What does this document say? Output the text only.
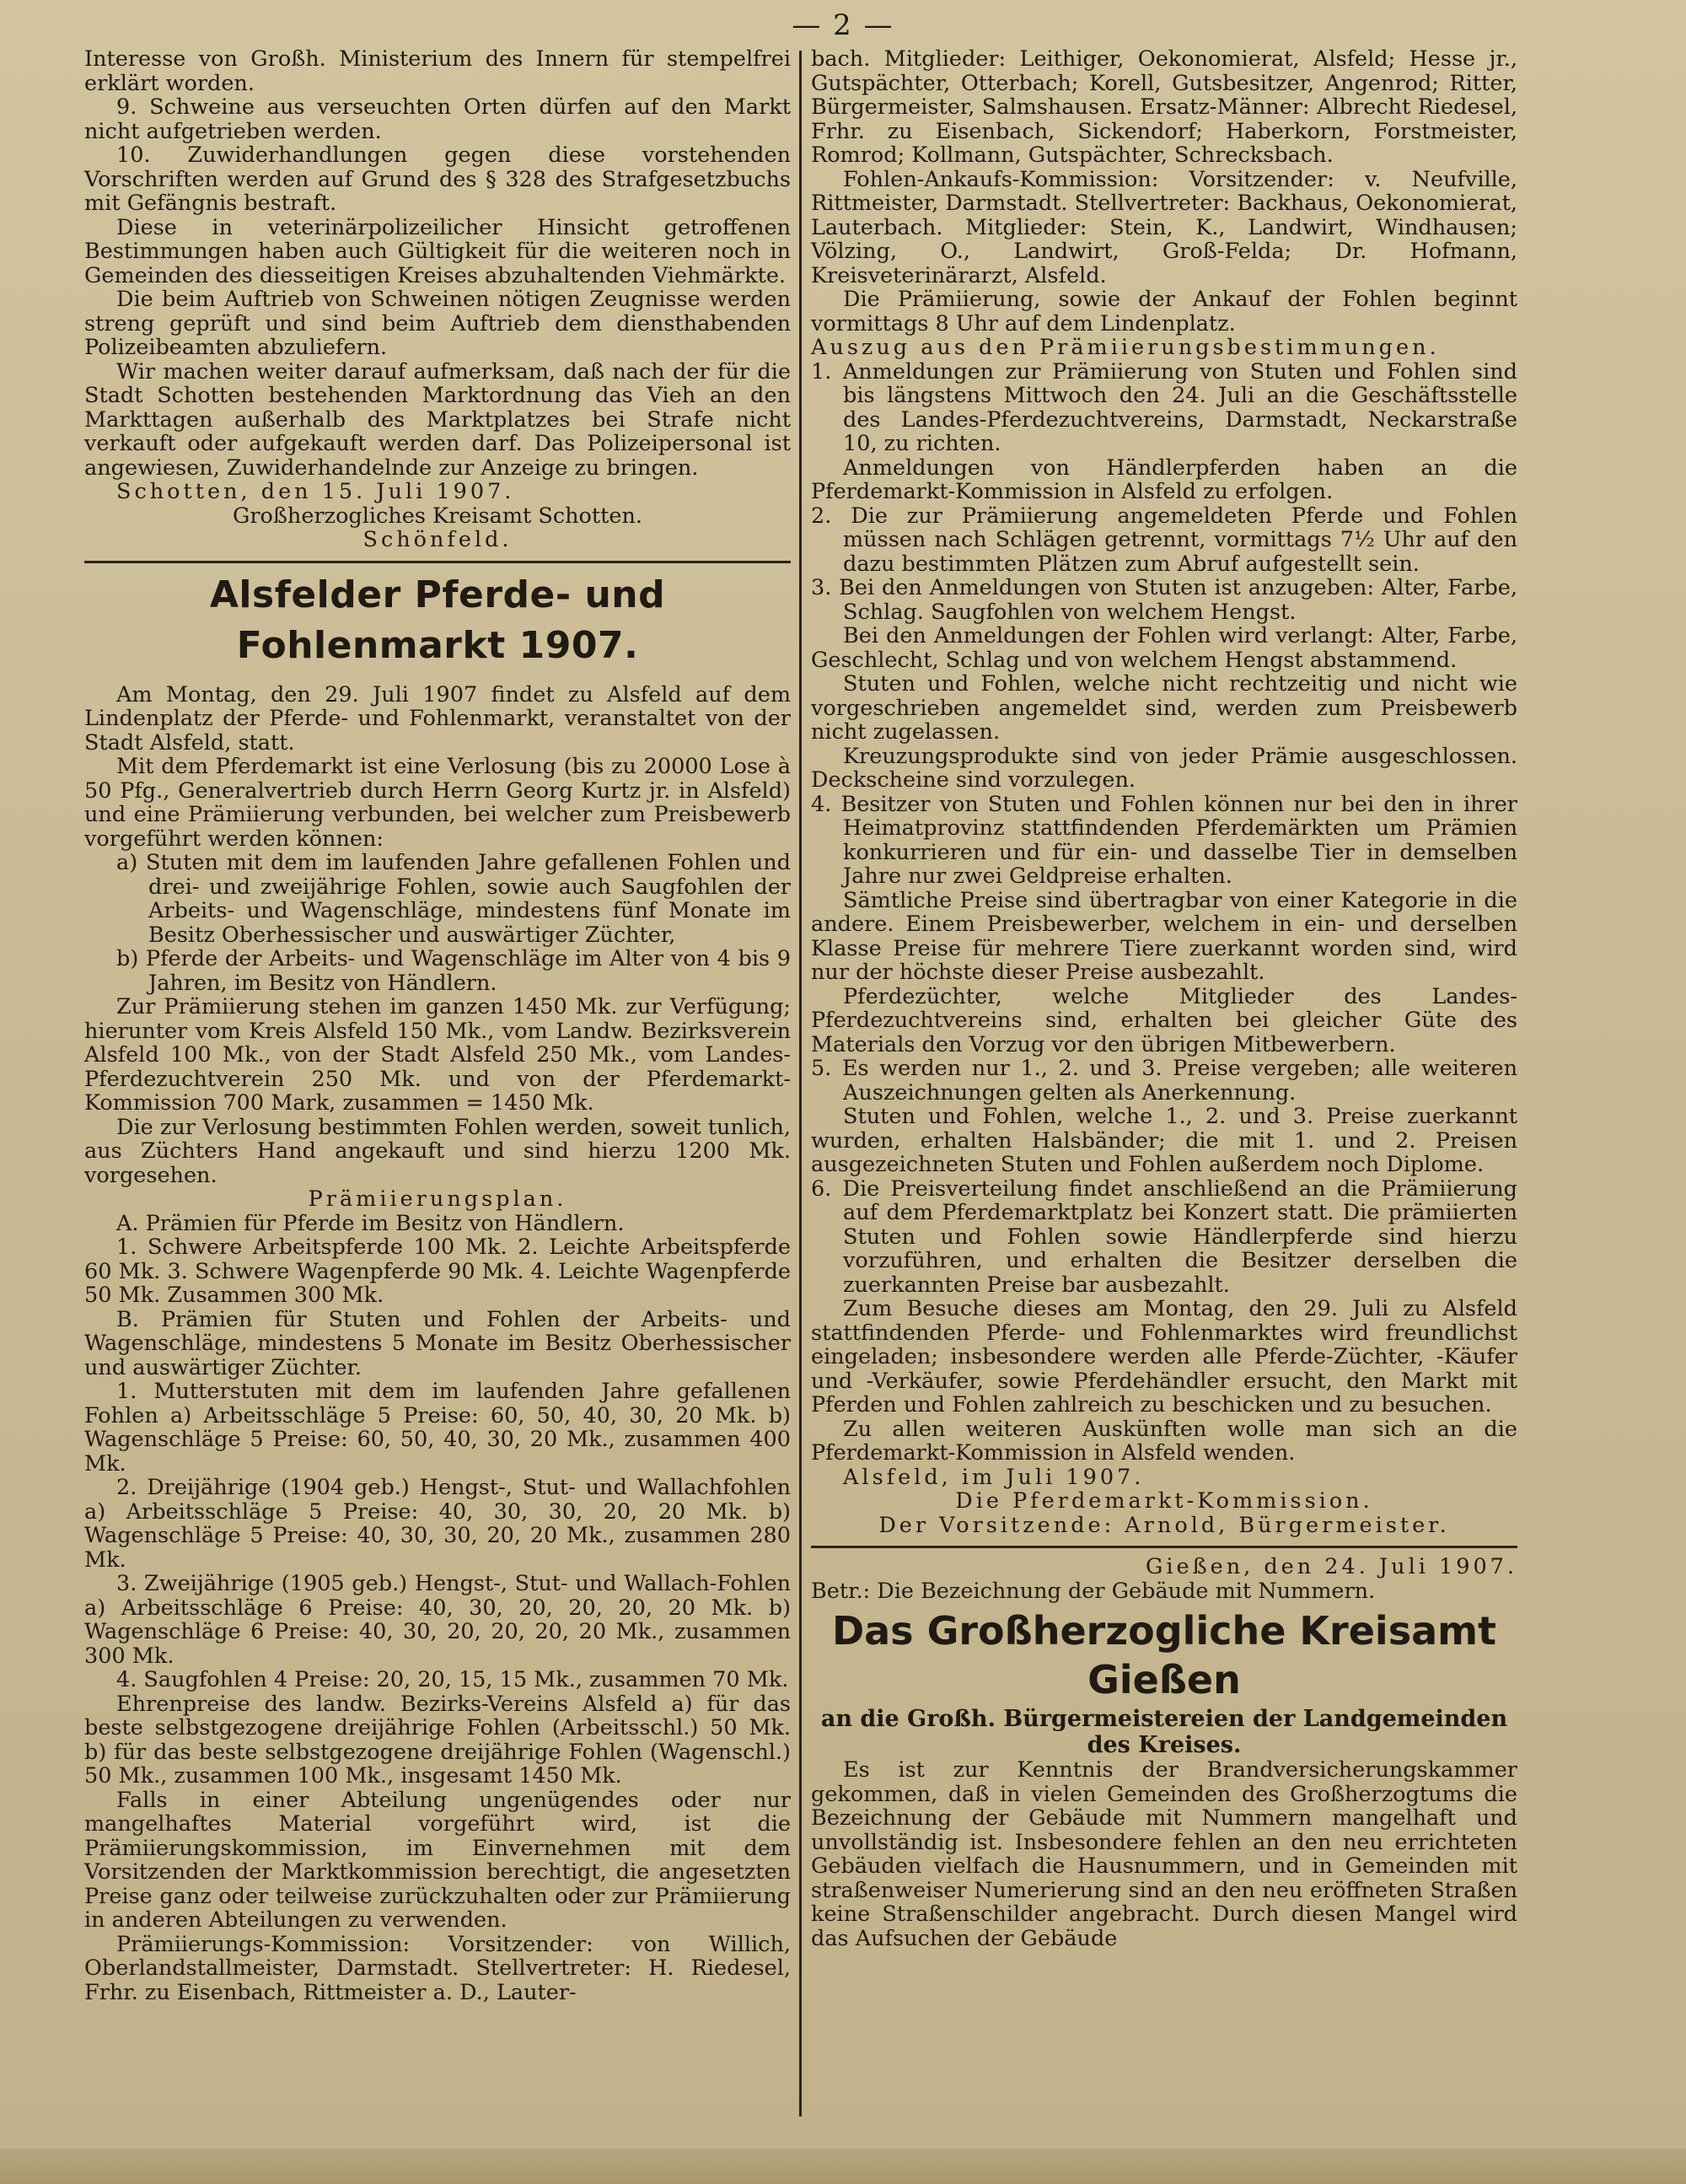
— 2 —

Interesse von Großh. Ministerium des Innern für stempelfrei erklärt worden.

9. Schweine aus verseuchten Orten dürfen auf den Markt nicht aufgetrieben werden.

10. Zuwiderhandlungen gegen diese vorstehenden Vorschriften werden auf Grund des § 328 des Strafgesetzbuchs mit Gefängnis bestraft.

Diese in veterinärpolizeilicher Hinsicht getroffenen Bestimmungen haben auch Gültigkeit für die weiteren noch in Gemeinden des diesseitigen Kreises abzuhaltenden Viehmärkte.

Die beim Auftrieb von Schweinen nötigen Zeugnisse werden streng geprüft und sind beim Auftrieb dem diensthabenden Polizeibeamten abzuliefern.

Wir machen weiter darauf aufmerksam, daß nach der für die Stadt Schotten bestehenden Marktordnung das Vieh an den Markttagen außerhalb des Marktplatzes bei Strafe nicht verkauft oder aufgekauft werden darf. Das Polizeipersonal ist angewiesen, Zuwiderhandelnde zur Anzeige zu bringen.

Schotten, den 15. Juli 1907.

Großherzogliches Kreisamt Schotten.

Schönfeld.

Alsfelder Pferde- und Fohlenmarkt 1907.

Am Montag, den 29. Juli 1907 findet zu Alsfeld auf dem Lindenplatz der Pferde- und Fohlenmarkt, veranstaltet von der Stadt Alsfeld, statt.

Mit dem Pferdemarkt ist eine Verlosung (bis zu 20000 Lose à 50 Pfg., Generalvertrieb durch Herrn Georg Kurtz jr. in Alsfeld) und eine Prämiierung verbunden, bei welcher zum Preisbewerb vorgeführt werden können:

a) Stuten mit dem im laufenden Jahre gefallenen Fohlen und drei- und zweijährige Fohlen, sowie auch Saugfohlen der Arbeits- und Wagenschläge, mindestens fünf Monate im Besitz Oberhessischer und auswärtiger Züchter,

b) Pferde der Arbeits- und Wagenschläge im Alter von 4 bis 9 Jahren, im Besitz von Händlern.

Zur Prämiierung stehen im ganzen 1450 Mk. zur Verfügung; hierunter vom Kreis Alsfeld 150 Mk., vom Landw. Bezirksverein Alsfeld 100 Mk., von der Stadt Alsfeld 250 Mk., vom Landes-Pferdezuchtverein 250 Mk. und von der Pferdemarkt-Kommission 700 Mark, zusammen = 1450 Mk.

Die zur Verlosung bestimmten Fohlen werden, soweit tunlich, aus Züchters Hand angekauft und sind hierzu 1200 Mk. vorgesehen.

Prämiierungsplan.

A. Prämien für Pferde im Besitz von Händlern.

1. Schwere Arbeitspferde 100 Mk. 2. Leichte Arbeitspferde 60 Mk. 3. Schwere Wagenpferde 90 Mk. 4. Leichte Wagenpferde 50 Mk. Zusammen 300 Mk.

B. Prämien für Stuten und Fohlen der Arbeits- und Wagenschläge, mindestens 5 Monate im Besitz Oberhessischer und auswärtiger Züchter.

1. Mutterstuten mit dem im laufenden Jahre gefallenen Fohlen a) Arbeitsschläge 5 Preise: 60, 50, 40, 30, 20 Mk. b) Wagenschläge 5 Preise: 60, 50, 40, 30, 20 Mk., zusammen 400 Mk.

2. Dreijährige (1904 geb.) Hengst-, Stut- und Wallachfohlen a) Arbeitsschläge 5 Preise: 40, 30, 30, 20, 20 Mk. b) Wagenschläge 5 Preise: 40, 30, 30, 20, 20 Mk., zusammen 280 Mk.

3. Zweijährige (1905 geb.) Hengst-, Stut- und Wallach-Fohlen a) Arbeitsschläge 6 Preise: 40, 30, 20, 20, 20, 20 Mk. b) Wagenschläge 6 Preise: 40, 30, 20, 20, 20, 20 Mk., zusammen 300 Mk.

4. Saugfohlen 4 Preise: 20, 20, 15, 15 Mk., zusammen 70 Mk.

Ehrenpreise des landw. Bezirks-Vereins Alsfeld a) für das beste selbstgezogene dreijährige Fohlen (Arbeitsschl.) 50 Mk. b) für das beste selbstgezogene dreijährige Fohlen (Wagenschl.) 50 Mk., zusammen 100 Mk., insgesamt 1450 Mk.

Falls in einer Abteilung ungenügendes oder nur mangelhaftes Material vorgeführt wird, ist die Prämiierungskommission, im Einvernehmen mit dem Vorsitzenden der Marktkommission berechtigt, die angesetzten Preise ganz oder teilweise zurückzuhalten oder zur Prämiierung in anderen Abteilungen zu verwenden.

Prämiierungs-Kommission: Vorsitzender: von Willich, Oberlandstallmeister, Darmstadt. Stellvertreter: H. Riedesel, Frhr. zu Eisenbach, Rittmeister a. D., Lauter-

bach. Mitglieder: Leithiger, Oekonomierat, Alsfeld; Hesse jr., Gutspächter, Otterbach; Korell, Gutsbesitzer, Angenrod; Ritter, Bürgermeister, Salmshausen. Ersatz-Männer: Albrecht Riedesel, Frhr. zu Eisenbach, Sickendorf; Haberkorn, Forstmeister, Romrod; Kollmann, Gutspächter, Schrecksbach.

Fohlen-Ankaufs-Kommission: Vorsitzender: v. Neufville, Rittmeister, Darmstadt. Stellvertreter: Backhaus, Oekonomierat, Lauterbach. Mitglieder: Stein, K., Landwirt, Windhausen; Völzing, O., Landwirt, Groß-Felda; Dr. Hofmann, Kreisveterinärarzt, Alsfeld.

Die Prämiierung, sowie der Ankauf der Fohlen beginnt vormittags 8 Uhr auf dem Lindenplatz.

Auszug aus den Prämiierungsbestimmungen.

1. Anmeldungen zur Prämiierung von Stuten und Fohlen sind bis längstens Mittwoch den 24. Juli an die Geschäftsstelle des Landes-Pferdezuchtvereins, Darmstadt, Neckarstraße 10, zu richten.

Anmeldungen von Händlerpferden haben an die Pferdemarkt-Kommission in Alsfeld zu erfolgen.

2. Die zur Prämiierung angemeldeten Pferde und Fohlen müssen nach Schlägen getrennt, vormittags 7½ Uhr auf den dazu bestimmten Plätzen zum Abruf aufgestellt sein.

3. Bei den Anmeldungen von Stuten ist anzugeben: Alter, Farbe, Schlag. Saugfohlen von welchem Hengst.

Bei den Anmeldungen der Fohlen wird verlangt: Alter, Farbe, Geschlecht, Schlag und von welchem Hengst abstammend.

Stuten und Fohlen, welche nicht rechtzeitig und nicht wie vorgeschrieben angemeldet sind, werden zum Preisbewerb nicht zugelassen.

Kreuzungsprodukte sind von jeder Prämie ausgeschlossen. Deckscheine sind vorzulegen.

4. Besitzer von Stuten und Fohlen können nur bei den in ihrer Heimatprovinz stattfindenden Pferdemärkten um Prämien konkurrieren und für ein- und dasselbe Tier in demselben Jahre nur zwei Geldpreise erhalten.

Sämtliche Preise sind übertragbar von einer Kategorie in die andere. Einem Preisbewerber, welchem in ein- und derselben Klasse Preise für mehrere Tiere zuerkannt worden sind, wird nur der höchste dieser Preise ausbezahlt.

Pferdezüchter, welche Mitglieder des Landes-Pferdezuchtvereins sind, erhalten bei gleicher Güte des Materials den Vorzug vor den übrigen Mitbewerbern.

5. Es werden nur 1., 2. und 3. Preise vergeben; alle weiteren Auszeichnungen gelten als Anerkennung.

Stuten und Fohlen, welche 1., 2. und 3. Preise zuerkannt wurden, erhalten Halsbänder; die mit 1. und 2. Preisen ausgezeichneten Stuten und Fohlen außerdem noch Diplome.

6. Die Preisverteilung findet anschließend an die Prämiierung auf dem Pferdemarktplatz bei Konzert statt. Die prämiierten Stuten und Fohlen sowie Händlerpferde sind hierzu vorzuführen, und erhalten die Besitzer derselben die zuerkannten Preise bar ausbezahlt.

Zum Besuche dieses am Montag, den 29. Juli zu Alsfeld stattfindenden Pferde- und Fohlenmarktes wird freundlichst eingeladen; insbesondere werden alle Pferde-Züchter, -Käufer und -Verkäufer, sowie Pferdehändler ersucht, den Markt mit Pferden und Fohlen zahlreich zu beschicken und zu besuchen.

Zu allen weiteren Auskünften wolle man sich an die Pferdemarkt-Kommission in Alsfeld wenden.

Alsfeld, im Juli 1907.

Die Pferdemarkt-Kommission.

Der Vorsitzende: Arnold, Bürgermeister.

Gießen, den 24. Juli 1907.

Betr.: Die Bezeichnung der Gebäude mit Nummern.

Das Großherzogliche Kreisamt Gießen

an die Großh. Bürgermeistereien der Landgemeinden des Kreises.

Es ist zur Kenntnis der Brandversicherungskammer gekommen, daß in vielen Gemeinden des Großherzogtums die Bezeichnung der Gebäude mit Nummern mangelhaft und unvollständig ist. Insbesondere fehlen an den neu errichteten Gebäuden vielfach die Hausnummern, und in Gemeinden mit straßenweiser Numerierung sind an den neu eröffneten Straßen keine Straßenschilder angebracht. Durch diesen Mangel wird das Aufsuchen der Gebäude
